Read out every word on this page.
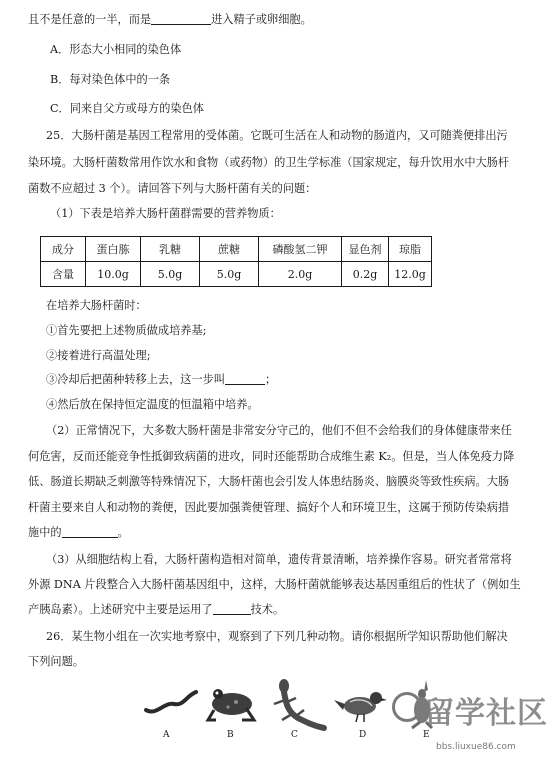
且不是任意的一半，而是	进入精子或卵细胞。
A．形态大小相同的染色体
B．每对染色体中的一条
C．同来自父方或母方的染色体
25．大肠杆菌是基因工程常用的受体菌。它既可生活在人和动物的肠道内，又可随粪便排出污
染环境。大肠杆菌数常用作饮水和食物（或药物）的卫生学标准（国家规定，每升饮用水中大肠杆
菌数不应超过 3 个）。请回答下列与大肠杆菌有关的问题：
（1）下表是培养大肠杆菌群需要的营养物质：
成分	蛋白胨	乳糖	蔗糖	磷酸氢二钾	显色剂	琼脂
含量	10.0g	5.0g	5.0g	2.0g	0.2g	12.0g
在培养大肠杆菌时：
①首先要把上述物质做成培养基;
②接着进行高温处理;
③冷却后把菌种转移上去，这一步叫	；
④然后放在保持恒定温度的恒温箱中培养。
（2）正常情况下，大多数大肠杆菌是非常安分守己的，他们不但不会给我们的身体健康带来任
何危害，反而还能竞争性抵御致病菌的进攻，同时还能帮助合成维生素 K₂。但是，当人体免疫力降
低、肠道长期缺乏刺激等特殊情况下，大肠杆菌也会引发人体患结肠炎、脑膜炎等致性疾病。大肠
杆菌主要来自人和动物的粪便，因此要加强粪便管理、搞好个人和环境卫生，这属于预防传染病措
施中的	。
（3）从细胞结构上看，大肠杆菌构造相对简单，遗传背景清晰，培养操作容易。研究者常常将
外源 DNA 片段整合入大肠杆菌基因组中，这样，大肠杆菌就能够表达基因重组后的性状了（例如生
产胰岛素）。上述研究中主要是运用了	技术。
26．某生物小组在一次实地考察中，观察到了下列几种动物。请你根据所学知识帮助他们解决
下列问题。
A	B	C	D	E
留学社区
bbs.liuxue86.com
